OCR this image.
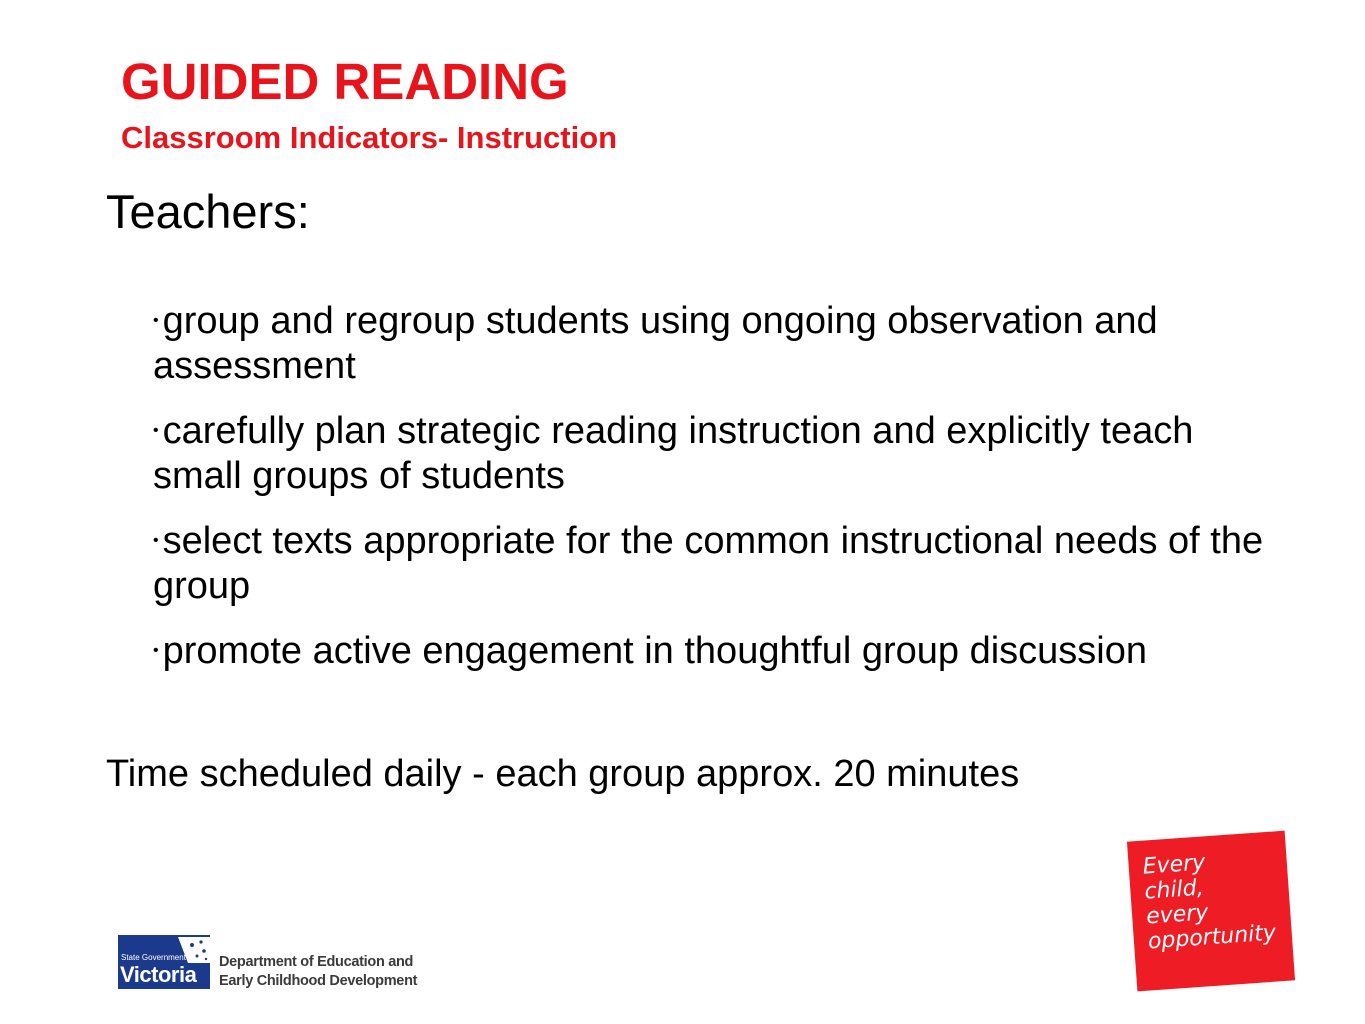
GUIDED READING
Classroom Indicators- Instruction

Teachers:

• group and regroup students using ongoing observation and assessment
• carefully plan strategic reading instruction and explicitly teach small groups of students
• select texts appropriate for the common instructional needs of the group
• promote active engagement in thoughtful group discussion

Time scheduled daily - each group approx. 20 minutes

State Government
Victoria Department of Education and
Early Childhood Development
Every
child,
every
opportunity
